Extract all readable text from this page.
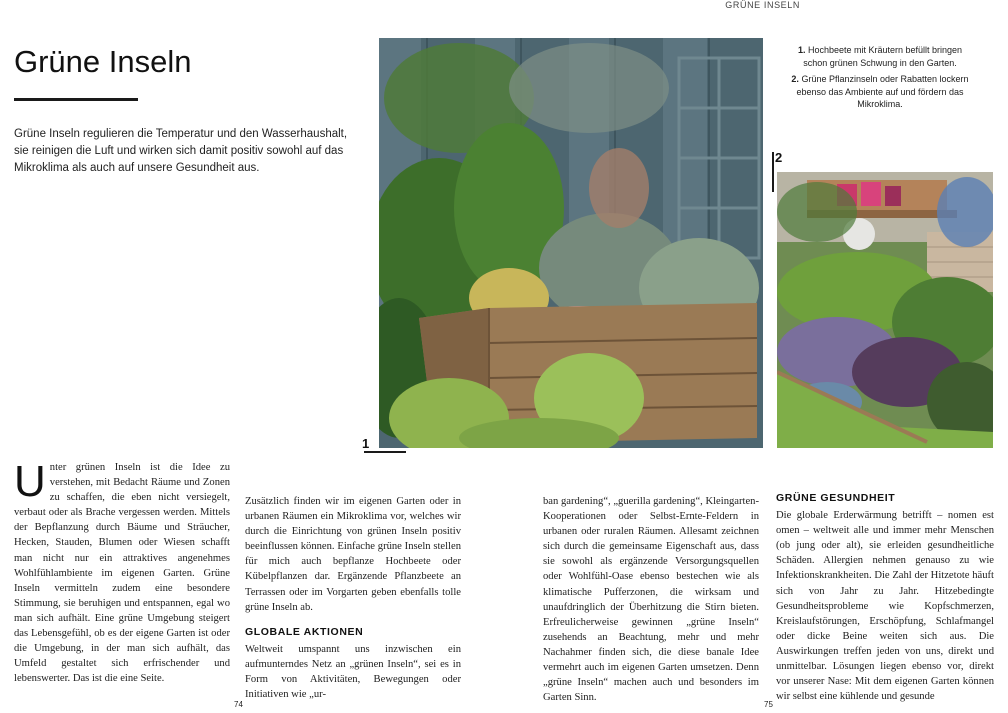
GRÜNE INSELN
Grüne Inseln
Grüne Inseln regulieren die Temperatur und den Wasserhaushalt, sie reinigen die Luft und wirken sich damit positiv sowohl auf das Mikroklima als auch auf unsere Gesundheit aus.
1
1. Hochbeete mit Kräutern befüllt bringen schon grünen Schwung in den Garten.
2. Grüne Pflanzinseln oder Rabatten lockern ebenso das Ambiente auf und fördern das Mikroklima.
2
Unter grünen Inseln ist die Idee zu verstehen, mit Bedacht Räume und Zonen zu schaffen, die eben nicht versiegelt, verbaut oder als Brache vergessen werden. Mittels der Bepflanzung durch Bäume und Sträucher, Hecken, Stauden, Blumen oder Wiesen schafft man nicht nur ein attraktives angenehmes Wohlfühlambiente im eigenen Garten. Grüne Inseln vermitteln zudem eine besondere Stimmung, sie beruhigen und entspannen, egal wo man sich aufhält. Eine grüne Umgebung steigert das Lebensgefühl, ob es der eigene Garten ist oder die Umgebung, in der man sich aufhält, das Umfeld gestaltet sich erfrischender und lebenswerter. Das ist die eine Seite.
Zusätzlich finden wir im eigenen Garten oder in urbanen Räumen ein Mikroklima vor, welches wir durch die Einrichtung von grünen Inseln positiv beeinflussen können. Einfache grüne Inseln stellen für mich auch bepflanze Hochbeete oder Kübelpflanzen dar. Ergänzende Pflanzbeete an Terrassen oder im Vorgarten geben ebenfalls tolle grüne Inseln ab.
GLOBALE AKTIONEN
Weltweit umspannt uns inzwischen ein aufmunterndes Netz an „grünen Inseln“, sei es in Form von Aktivitäten, Bewegungen oder Initiativen wie „ur-
ban gardening“, „guerilla gardening“, Kleingarten-Kooperationen oder Selbst-Ernte-Feldern in urbanen oder ruralen Räumen. Allesamt zeichnen sich durch die gemeinsame Eigenschaft aus, dass sie sowohl als ergänzende Versorgungsquellen oder Wohlfühl-Oase ebenso bestechen wie als klimatische Pufferzonen, die wirksam und unaufdringlich der Überhitzung die Stirn bieten. Erfreulicherweise gewinnen „grüne Inseln“ zusehends an Beachtung, mehr und mehr Nachahmer finden sich, die diese banale Idee vermehrt auch im eigenen Garten umsetzen. Denn „grüne Inseln“ machen auch und besonders im Garten Sinn.
GRÜNE GESUNDHEIT
Die globale Erderwärmung betrifft – nomen est omen – weltweit alle und immer mehr Menschen (ob jung oder alt), sie erleiden gesundheitliche Schäden. Allergien nehmen genauso zu wie Infektionskrankheiten. Die Zahl der Hitzetote häuft sich von Jahr zu Jahr. Hitzebedingte Gesundheitsprobleme wie Kopfschmerzen, Kreislaufstörungen, Erschöpfung, Schlafmangel oder dicke Beine weiten sich aus. Die Auswirkungen treffen jeden von uns, direkt und unmittelbar. Lösungen liegen ebenso vor, direkt vor unserer Nase: Mit dem eigenen Garten können wir selbst eine kühlende und gesunde
74	75
